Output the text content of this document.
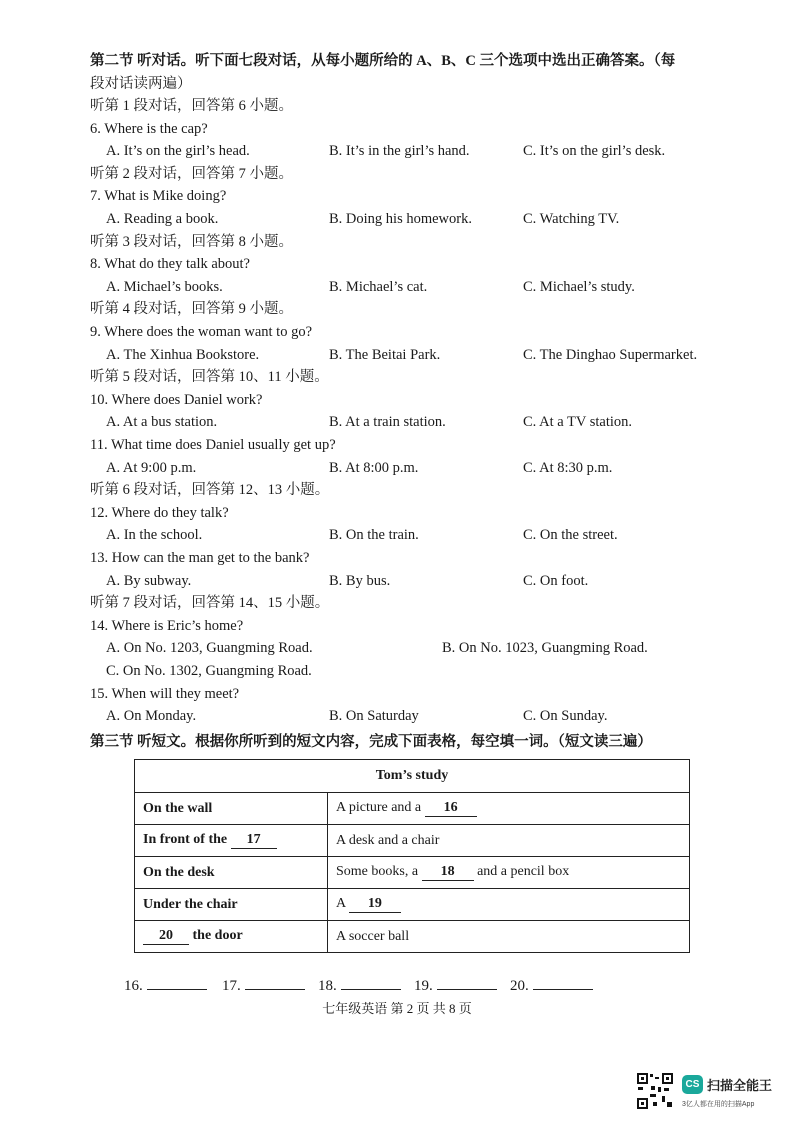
第二节 听对话。听下面七段对话，从每小题所给的 A、B、C 三个选项中选出正确答案。（每
段对话读两遍）
听第 1 段对话，回答第 6 小题。
6. Where is the cap?
A. It’s on the girl’s head.	B. It’s in the girl’s hand.	C. It’s on the girl’s desk.
听第 2 段对话，回答第 7 小题。
7. What is Mike doing?
A. Reading a book.	B. Doing his homework.	C. Watching TV.
听第 3 段对话，回答第 8 小题。
8. What do they talk about?
A. Michael’s books.	B. Michael’s cat.	C. Michael’s study.
听第 4 段对话，回答第 9 小题。
9. Where does the woman want to go?
A. The Xinhua Bookstore.	B. The Beitai Park.	C. The Dinghao Supermarket.
听第 5 段对话，回答第 10、11 小题。
10. Where does Daniel work?
A. At a bus station.	B. At a train station.	C. At a TV station.
11. What time does Daniel usually get up?
A. At 9:00 p.m.	B. At 8:00 p.m.	C. At 8:30 p.m.
听第 6 段对话，回答第 12、13 小题。
12. Where do they talk?
A. In the school.	B. On the train.	C. On the street.
13. How can the man get to the bank?
A. By subway.	B. By bus.	C. On foot.
听第 7 段对话，回答第 14、15 小题。
14. Where is Eric’s home?
A. On No. 1203, Guangming Road.	B. On No. 1023, Guangming Road.
C. On No. 1302, Guangming Road.
15. When will they meet?
A. On Monday.	B. On Saturday	C. On Sunday.
第三节 听短文。根据你所听到的短文内容，完成下面表格，每空填一词。（短文读三遍）
Tom’s study	
On the wall	A picture and a 16
In front of the 17	A desk and a chair
On the desk	Some books, a 18 and a pencil box
Under the chair	A 19
20 the door	A soccer ball
16.	17.	18.	19.	20.
七年级英语 第 2 页 共 8 页
CS 扫描全能王
3亿人都在用的扫描App
